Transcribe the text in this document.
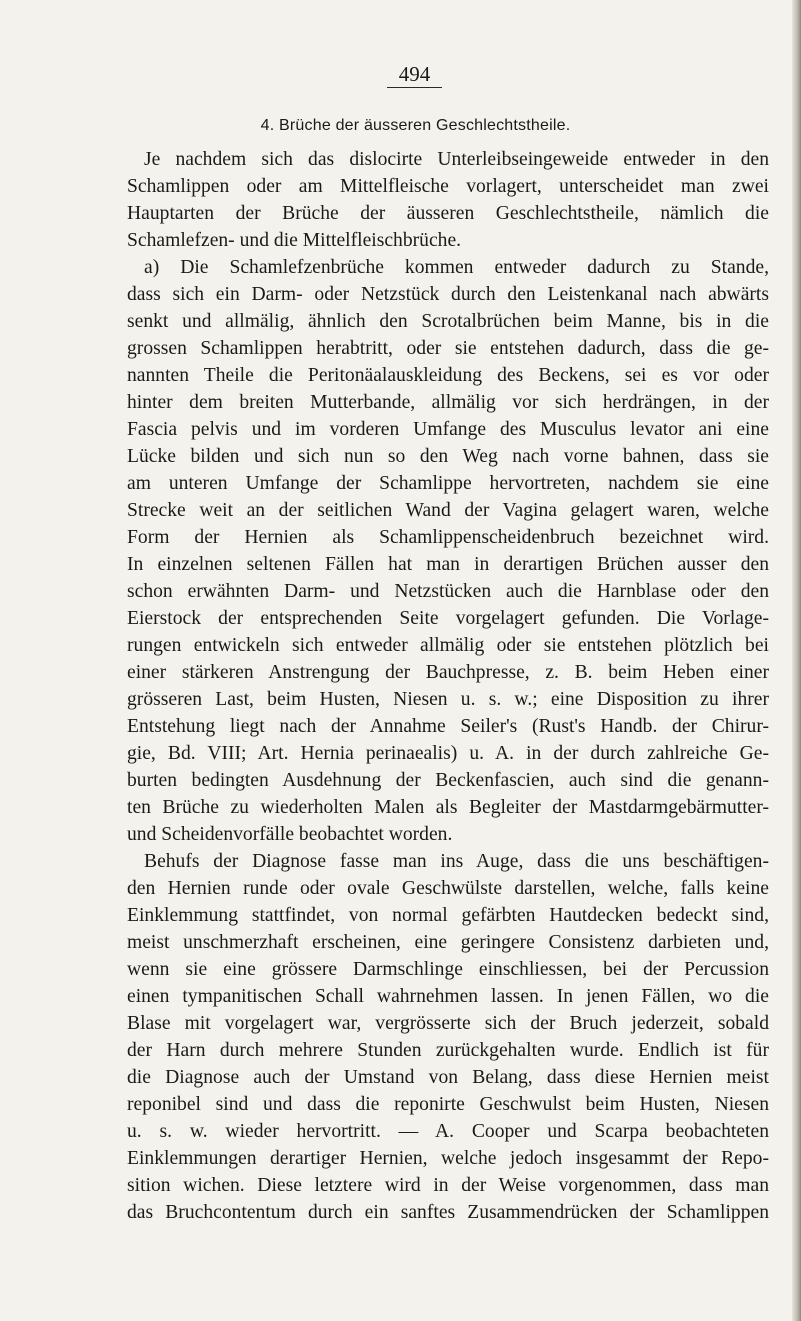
494
4. Brüche der äusseren Geschlechtstheile.
Je nachdem sich das dislocirte Unterleibseingeweide entweder in den
Schamlippen oder am Mittelfleische vorlagert, unterscheidet man zwei
Hauptarten der Brüche der äusseren Geschlechtstheile, nämlich die
Schamlefzen- und die Mittelfleischbrüche.
a) Die Schamlefzenbrüche kommen entweder dadurch zu Stande,
dass sich ein Darm- oder Netzstück durch den Leistenkanal nach abwärts
senkt und allmälig, ähnlich den Scrotalbrüchen beim Manne, bis in die
grossen Schamlippen herabtritt, oder sie entstehen dadurch, dass die ge-
nannten Theile die Peritonäalauskleidung des Beckens, sei es vor oder
hinter dem breiten Mutterbande, allmälig vor sich herdrängen, in der
Fascia pelvis und im vorderen Umfange des Musculus levator ani eine
Lücke bilden und sich nun so den Weg nach vorne bahnen, dass sie
am unteren Umfange der Schamlippe hervortreten, nachdem sie eine
Strecke weit an der seitlichen Wand der Vagina gelagert waren, welche
Form der Hernien als Schamlippenscheidenbruch bezeichnet wird.
In einzelnen seltenen Fällen hat man in derartigen Brüchen ausser den
schon erwähnten Darm- und Netzstücken auch die Harnblase oder den
Eierstock der entsprechenden Seite vorgelagert gefunden. Die Vorlage-
rungen entwickeln sich entweder allmälig oder sie entstehen plötzlich bei
einer stärkeren Anstrengung der Bauchpresse, z. B. beim Heben einer
grösseren Last, beim Husten, Niesen u. s. w.; eine Disposition zu ihrer
Entstehung liegt nach der Annahme Seiler's (Rust's Handb. der Chirur-
gie, Bd. VIII; Art. Hernia perinaealis) u. A. in der durch zahlreiche Ge-
burten bedingten Ausdehnung der Beckenfascien, auch sind die genann-
ten Brüche zu wiederholten Malen als Begleiter der Mastdarmgebärmutter-
und Scheidenvorfälle beobachtet worden.
Behufs der Diagnose fasse man ins Auge, dass die uns beschäftigen-
den Hernien runde oder ovale Geschwülste darstellen, welche, falls keine
Einklemmung stattfindet, von normal gefärbten Hautdecken bedeckt sind,
meist unschmerzhaft erscheinen, eine geringere Consistenz darbieten und,
wenn sie eine grössere Darmschlinge einschliessen, bei der Percussion
einen tympanitischen Schall wahrnehmen lassen. In jenen Fällen, wo die
Blase mit vorgelagert war, vergrösserte sich der Bruch jederzeit, sobald
der Harn durch mehrere Stunden zurückgehalten wurde. Endlich ist für
die Diagnose auch der Umstand von Belang, dass diese Hernien meist
reponibel sind und dass die reponirte Geschwulst beim Husten, Niesen
u. s. w. wieder hervortritt. — A. Cooper und Scarpa beobachteten
Einklemmungen derartiger Hernien, welche jedoch insgesammt der Repo-
sition wichen. Diese letztere wird in der Weise vorgenommen, dass man
das Bruchcontentum durch ein sanftes Zusammendrücken der Schamlippen
